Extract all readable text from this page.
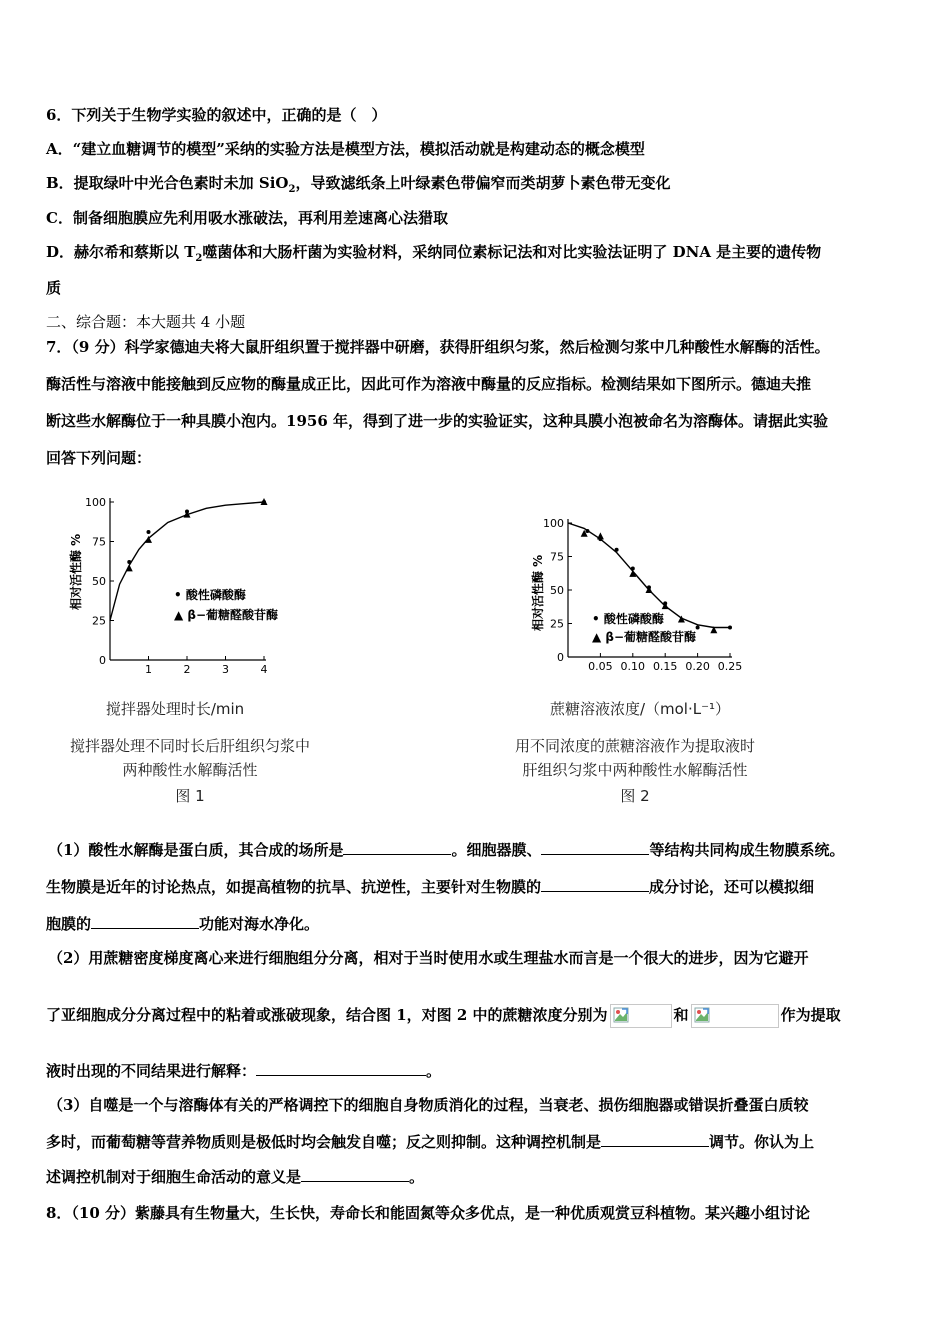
6．下列关于生物学实验的叙述中，正确的是（　）
A．“建立血糖调节的模型”采纳的实验方法是模型方法，模拟活动就是构建动态的概念模型
B．提取绿叶中光合色素时未加 SiO$_2$，导致滤纸条上叶绿素色带偏窄而类胡萝卜素色带无变化
C．制备细胞膜应先利用吸水涨破法，再利用差速离心法猎取
D．赫尔希和蔡斯以 $T_2$噬菌体和大肠杆菌为实验材料，采纳同位素标记法和对比实验法证明了 DNA 是主要的遗传物
质
二、综合题：本大题共 4 小题
7．（9 分）科学家德迪夫将大鼠肝组织置于搅拌器中研磨，获得肝组织匀浆，然后检测匀浆中几种酸性水解酶的活性。
酶活性与溶液中能接触到反应物的酶量成正比，因此可作为溶液中酶量的反应指标。检测结果如下图所示。德迪夫推
断这些水解酶位于一种具膜小泡内。1956 年，得到了进一步的实验证实，这种具膜小泡被命名为溶酶体。请据此实验
回答下列问题：
相对活性酶 %	• 酸性磷酸酶
▲ β−葡糖醛酸苷酶
0
25
50
75
100
1	2	3	4
搅拌器处理时长/min
搅拌器处理不同时长后肝组织匀浆中
两种酸性水解酶活性
图 1
相对活性酶 %	• 酸性磷酸酶
▲ β−葡糖醛酸苷酶
0
25
50
75
100
0.05 0.10 0.15 0.20 0.25
蔗糖溶液浓度/（mol·L⁻¹）
用不同浓度的蔗糖溶液作为提取液时
肝组织匀浆中两种酸性水解酶活性
图 2
（1）酸性水解酶是蛋白质，其合成的场所是	。细胞器膜、	等结构共同构成生物膜系统。
生物膜是近年的讨论热点，如提高植物的抗旱、抗逆性，主要针对生物膜的	成分讨论，还可以模拟细
胞膜的	功能对海水净化。
（2）用蔗糖密度梯度离心来进行细胞组分分离，相对于当时使用水或生理盐水而言是一个很大的进步，因为它避开
了亚细胞成分分离过程中的粘着或涨破现象，结合图 1，对图 2 中的蔗糖浓度分别为	和	作为提取
液时出现的不同结果进行解释：	。
（3）自噬是一个与溶酶体有关的严格调控下的细胞自身物质消化的过程，当衰老、损伤细胞器或错误折叠蛋白质较
多时，而葡萄糖等营养物质则是极低时均会触发自噬；反之则抑制。这种调控机制是	调节。你认为上
述调控机制对于细胞生命活动的意义是	。
8．（10 分）紫藤具有生物量大，生长快，寿命长和能固氮等众多优点，是一种优质观赏豆科植物。某兴趣小组讨论
